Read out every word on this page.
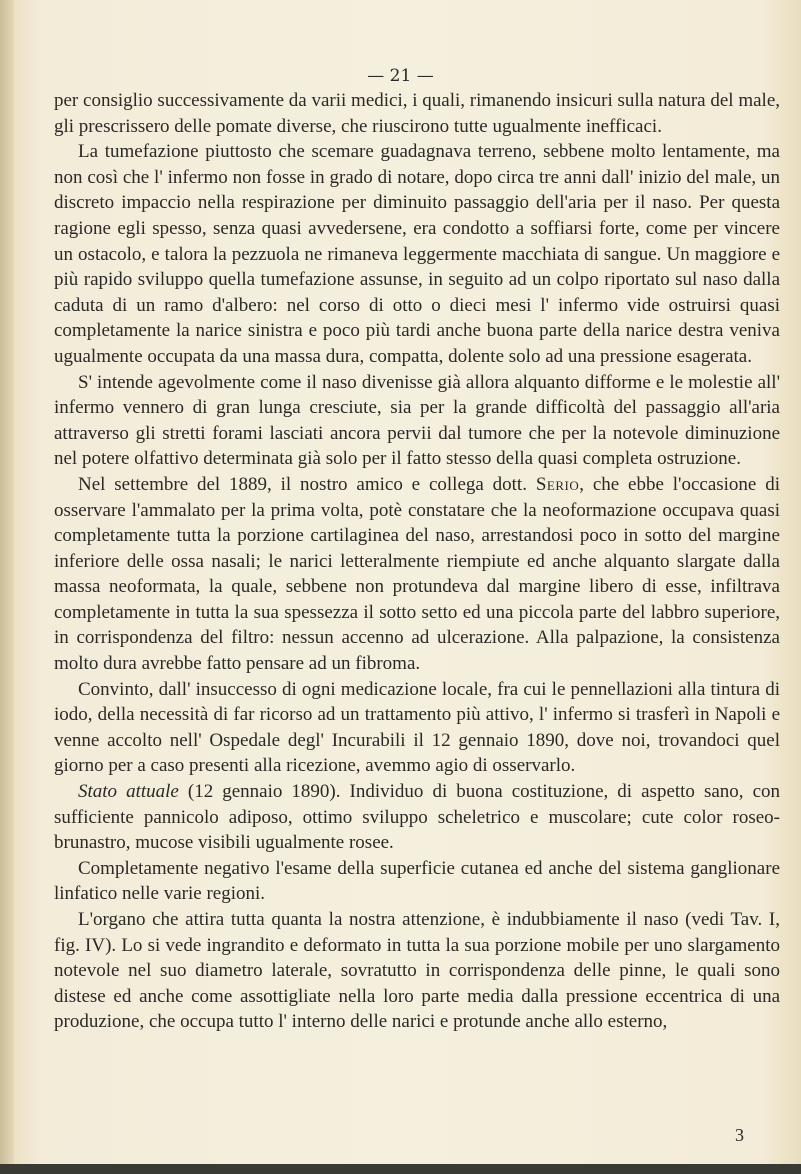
— 21 —

per consiglio successivamente da varii medici, i quali, rimanendo insicuri sulla natura del male, gli prescrissero delle pomate diverse, che riuscirono tutte ugualmente inefficaci.

La tumefazione piuttosto che scemare guadagnava terreno, sebbene molto lentamente, ma non così che l' infermo non fosse in grado di notare, dopo circa tre anni dall' inizio del male, un discreto impaccio nella respirazione per diminuito passaggio dell'aria per il naso. Per questa ragione egli spesso, senza quasi avvedersene, era condotto a soffiarsi forte, come per vincere un ostacolo, e talora la pezzuola ne rimaneva leggermente macchiata di sangue. Un maggiore e più rapido sviluppo quella tumefazione assunse, in seguito ad un colpo riportato sul naso dalla caduta di un ramo d'albero: nel corso di otto o dieci mesi l' infermo vide ostruirsi quasi completamente la narice sinistra e poco più tardi anche buona parte della narice destra veniva ugualmente occupata da una massa dura, compatta, dolente solo ad una pressione esagerata.

S' intende agevolmente come il naso divenisse già allora alquanto difforme e le molestie all' infermo vennero di gran lunga cresciute, sia per la grande difficoltà del passaggio all'aria attraverso gli stretti forami lasciati ancora pervii dal tumore che per la notevole diminuzione nel potere olfattivo determinata già solo per il fatto stesso della quasi completa ostruzione.

Nel settembre del 1889, il nostro amico e collega dott. Serio, che ebbe l'occasione di osservare l'ammalato per la prima volta, potè constatare che la neoformazione occupava quasi completamente tutta la porzione cartilaginea del naso, arrestandosi poco in sotto del margine inferiore delle ossa nasali; le narici letteralmente riempiute ed anche alquanto slargate dalla massa neoformata, la quale, sebbene non protundeva dal margine libero di esse, infiltrava completamente in tutta la sua spessezza il sotto setto ed una piccola parte del labbro superiore, in corrispondenza del filtro: nessun accenno ad ulcerazione. Alla palpazione, la consistenza molto dura avrebbe fatto pensare ad un fibroma.

Convinto, dall' insuccesso di ogni medicazione locale, fra cui le pennellazioni alla tintura di iodo, della necessità di far ricorso ad un trattamento più attivo, l' infermo si trasferì in Napoli e venne accolto nell' Ospedale degl' Incurabili il 12 gennaio 1890, dove noi, trovandoci quel giorno per a caso presenti alla ricezione, avemmo agio di osservarlo.

Stato attuale (12 gennaio 1890). Individuo di buona costituzione, di aspetto sano, con sufficiente pannicolo adiposo, ottimo sviluppo scheletrico e muscolare; cute color roseo-brunastro, mucose visibili ugualmente rosee.

Completamente negativo l'esame della superficie cutanea ed anche del sistema ganglionare linfatico nelle varie regioni.

L'organo che attira tutta quanta la nostra attenzione, è indubbiamente il naso (vedi Tav. I, fig. IV). Lo si vede ingrandito e deformato in tutta la sua porzione mobile per uno slargamento notevole nel suo diametro laterale, sovratutto in corrispondenza delle pinne, le quali sono distese ed anche come assottigliate nella loro parte media dalla pressione eccentrica di una produzione, che occupa tutto l' interno delle narici e protunde anche allo esterno,

3
